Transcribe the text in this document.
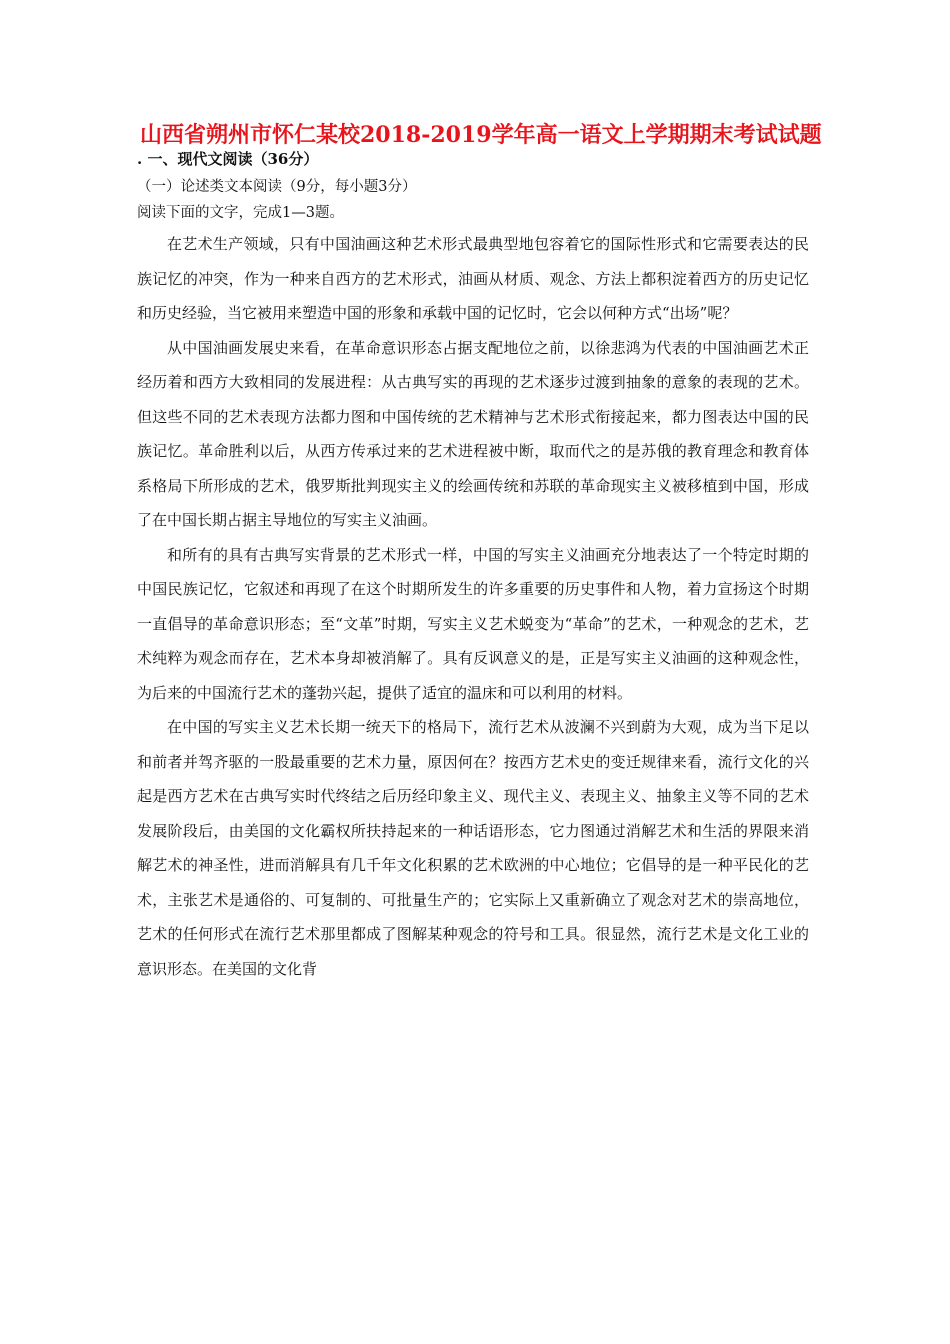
山西省朔州市怀仁某校2018-2019学年高一语文上学期期末考试试题
. 一、现代文阅读（36分）
（一）论述类文本阅读（9分，每小题3分）
阅读下面的文字，完成1—3题。

在艺术生产领域，只有中国油画这种艺术形式最典型地包容着它的国际性形式和它需要表达的民族记忆的冲突，作为一种来自西方的艺术形式，油画从材质、观念、方法上都积淀着西方的历史记忆和历史经验，当它被用来塑造中国的形象和承载中国的记忆时，它会以何种方式“出场”呢？

从中国油画发展史来看，在革命意识形态占据支配地位之前，以徐悲鸿为代表的中国油画艺术正经历着和西方大致相同的发展进程：从古典写实的再现的艺术逐步过渡到抽象的意象的表现的艺术。但这些不同的艺术表现方法都力图和中国传统的艺术精神与艺术形式衔接起来，都力图表达中国的民族记忆。革命胜利以后，从西方传承过来的艺术进程被中断，取而代之的是苏俄的教育理念和教育体系格局下所形成的艺术，俄罗斯批判现实主义的绘画传统和苏联的革命现实主义被移植到中国，形成了在中国长期占据主导地位的写实主义油画。

和所有的具有古典写实背景的艺术形式一样，中国的写实主义油画充分地表达了一个特定时期的中国民族记忆，它叙述和再现了在这个时期所发生的许多重要的历史事件和人物，着力宣扬这个时期一直倡导的革命意识形态；至“文革”时期，写实主义艺术蜕变为“革命”的艺术，一种观念的艺术，艺术纯粹为观念而存在，艺术本身却被消解了。具有反讽意义的是，正是写实主义油画的这种观念性，为后来的中国流行艺术的蓬勃兴起，提供了适宜的温床和可以利用的材料。

在中国的写实主义艺术长期一统天下的格局下，流行艺术从波澜不兴到蔚为大观，成为当下足以和前者并驾齐驱的一股最重要的艺术力量，原因何在？按西方艺术史的变迁规律来看，流行文化的兴起是西方艺术在古典写实时代终结之后历经印象主义、现代主义、表现主义、抽象主义等不同的艺术发展阶段后，由美国的文化霸权所扶持起来的一种话语形态，它力图通过消解艺术和生活的界限来消解艺术的神圣性，进而消解具有几千年文化积累的艺术欧洲的中心地位；它倡导的是一种平民化的艺术，主张艺术是通俗的、可复制的、可批量生产的；它实际上又重新确立了观念对艺术的崇高地位，艺术的任何形式在流行艺术那里都成了图解某种观念的符号和工具。很显然，流行艺术是文化工业的意识形态。在美国的文化背
